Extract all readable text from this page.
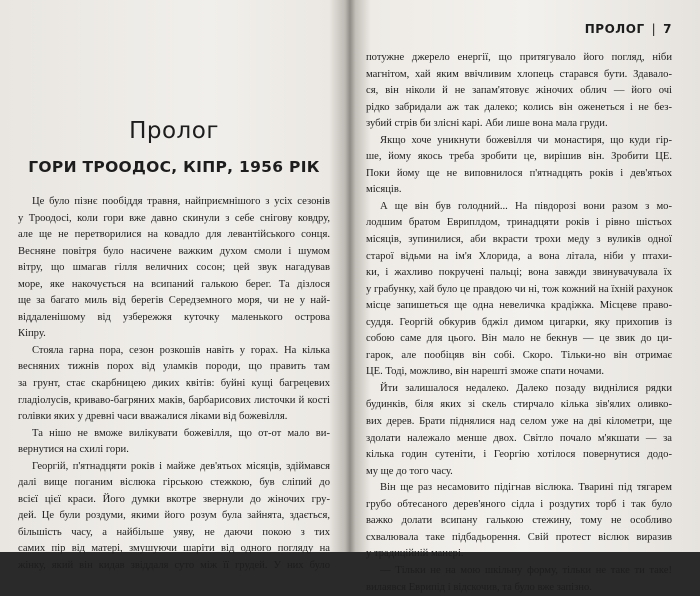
Пролог
ГОРИ ТРООДОС, КІПР, 1956 РІК
Це було пізнє пообіддя травня, найприємнішого з усіх сезонів
у Троодосі, коли гори вже давно скинули з себе снігову ковдру,
але ще не перетворилися на ковадло для левантійського сонця.
Весняне повітря було насичене важким духом смоли і шумом
вітру, що шмагав гілля величних сосон; цей звук нагадував
море, яке накочується на всипаний галькою берег. Та дізлося
ще за багато миль від берегів Середземного моря, чи не у най-
віддаленішому від узбережжя куточку маленького острова
Кіпру.
Стояла гарна пора, сезон розкошів навіть у горах. На кілька
весняних тижнів порох від уламків породи, що править там
за грунт, стає скарбницею диких квітів: буйні кущі багрецевих
гладіолусів, криваво-багряних маків, барбарисових листочки й кості
голівки яких у древні часи вважалися ліками від божевілля.
Та нішо не вможе вилікувати божевілля, що от-от мало ви-
вернутися на схилі гори.
Георгій, п'ятнадцяти років і майже дев'ятьох місяців, здіймався
далі вище поганим віслюка гірською стежкою, був сліпий до
всієї цієї краси. Його думки вкотре звернули до жіночих гру-
дей. Це були роздуми, якими його розум була зайнята, здається,
більшість часу, а найбільше уяву, не даючи покою з тих
самих пір від матері, змушуючи шаріти від одного погляду на
жінку, який він кидав звіддаля суто між її грудей. У них було
ПРОЛОГ | 7
потужне джерело енергії, що притягувало його погляд, ніби
магнітом, хай яким ввічливим хлопець старався бути. Здавало-
ся, він ніколи й не запам'ятовує жіночих облич — його очі
рідко забридали аж так далеко; колись він оженеться і не без-
зубий стрів би злісні карі. Аби лише вона мала груди.
Якщо хоче уникнути божевілля чи монастиря, що куди гір-
ше, йому якось треба зробити це, вирішив він. Зробити ЦЕ.
Поки йому ще не виповнилося п'ятнадцять років і дев'ятьох
місяців.
А ще він був голодний... На півдорозі вони разом з мо-
лодшим братом Евриплдом, тринадцяти років і рівно шістьох
місяців, зупинилися, аби вкрасти трохи меду з вуликів одної
старої відьми на ім'я Хлорида, а вона літала, ніби у птахи-
ки, і жахливо покручені пальці; вона завжди звинувачувала їх
у грабунку, хай було це правдою чи ні, тож кожний на їхній рахунок
місце запишеться ще одна невеличка крадіжка. Місцеве право-
суддя. Георгій обкурив бджіл димом цигарки, яку прихопив із
собою саме для цього. Він мало не бекнув — це звик до ци-
гарок, але пообіцяв він собі. Скоро. Тільки-но він отримає
ЦЕ. Тоді, можливо, він нарешті зможе спати ночами.
Йти залишалося недалеко. Далеко позаду виднілися рядки
будинків, біля яких зі скель стирчало кілька зів'ялих оливко-
вих дерев. Брати піднялися над селом уже на дві кілометри, ще
здолати належало менше двох. Світло почало м'якшати — за
кілька годин сутеніти, і Георгію хотілося повернутися додо-
му ще до того часу.
Він ще раз несамовито підігнав віслюка. Тварині під тягарем
грубо обтесаного дерев'яного сідла і роздутих торб і так було
важко долати всипану галькою стежину, тому не особливо
схвалювала таке підбадьорення. Свій протест віслюк виразив
у традиційній манері.
— Тільки не на мою шкільну форму, тільки не таке ти таке!
вилаявся Еврипід і відскочив, та було вже запізно.
